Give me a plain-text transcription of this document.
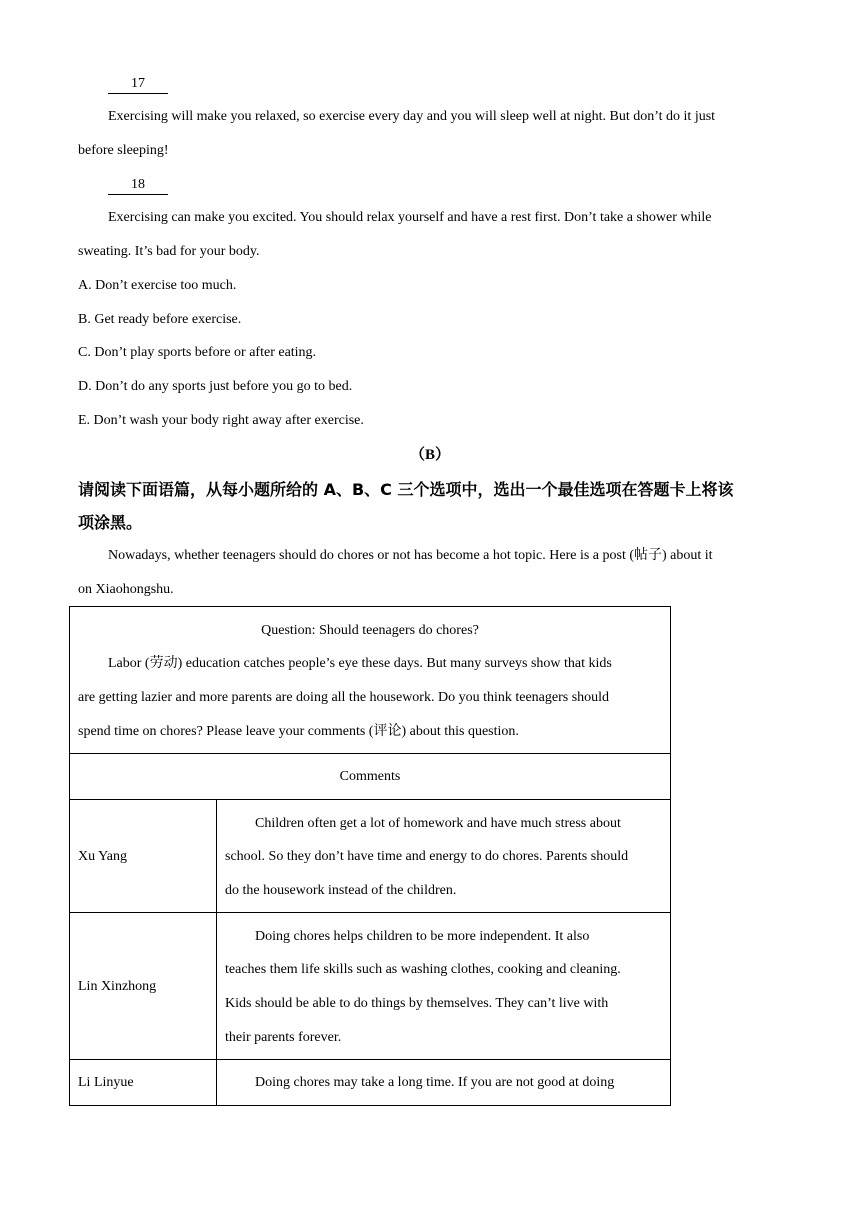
17
Exercising will make you relaxed, so exercise every day and you will sleep well at night. But don’t do it just
before sleeping!
18
Exercising can make you excited. You should relax yourself and have a rest first. Don’t take a shower while
sweating. It’s bad for your body.
A. Don’t exercise too much.
B. Get ready before exercise.
C. Don’t play sports before or after eating.
D. Don’t do any sports just before you go to bed.
E. Don’t wash your body right away after exercise.
（B）
请阅读下面语篇，从每小题所给的 A、B、C 三个选项中，选出一个最佳选项在答题卡上将该
项涂黑。
Nowadays, whether teenagers should do chores or not has become a hot topic. Here is a post (帖子) about it
on Xiaohongshu.
Question: Should teenagers do chores?
Labor (劳动) education catches people’s eye these days. But many surveys show that kids
are getting lazier and more parents are doing all the housework. Do you think teenagers should
spend time on chores? Please leave your comments (评论) about this question.
Comments
Xu Yang
Children often get a lot of homework and have much stress about
school. So they don’t have time and energy to do chores. Parents should
do the housework instead of the children.
Lin Xinzhong
Doing chores helps children to be more independent. It also
teaches them life skills such as washing clothes, cooking and cleaning.
Kids should be able to do things by themselves. They can’t live with
their parents forever.
Li Linyue	Doing chores may take a long time. If you are not good at doing
